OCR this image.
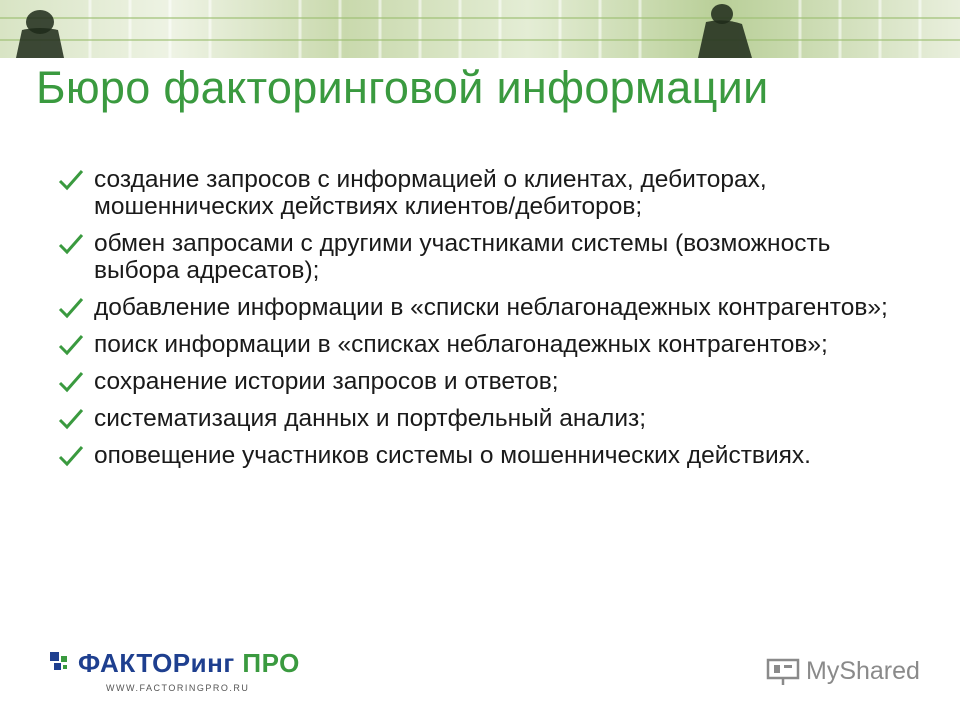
Бюро факторинговой информации
создание запросов с информацией о клиентах, дебиторах, мошеннических действиях клиентов/дебиторов;
обмен запросами с другими участниками системы (возможность выбора адресатов);
добавление информации в «списки неблагонадежных контрагентов»;
поиск информации в «списках неблагонадежных контрагентов»;
сохранение истории запросов и ответов;
систематизация данных и портфельный анализ;
оповещение участников системы о мошеннических действиях.
ФАКТОРинг ПРО
WWW.FACTORINGPRO.RU
MyShared
